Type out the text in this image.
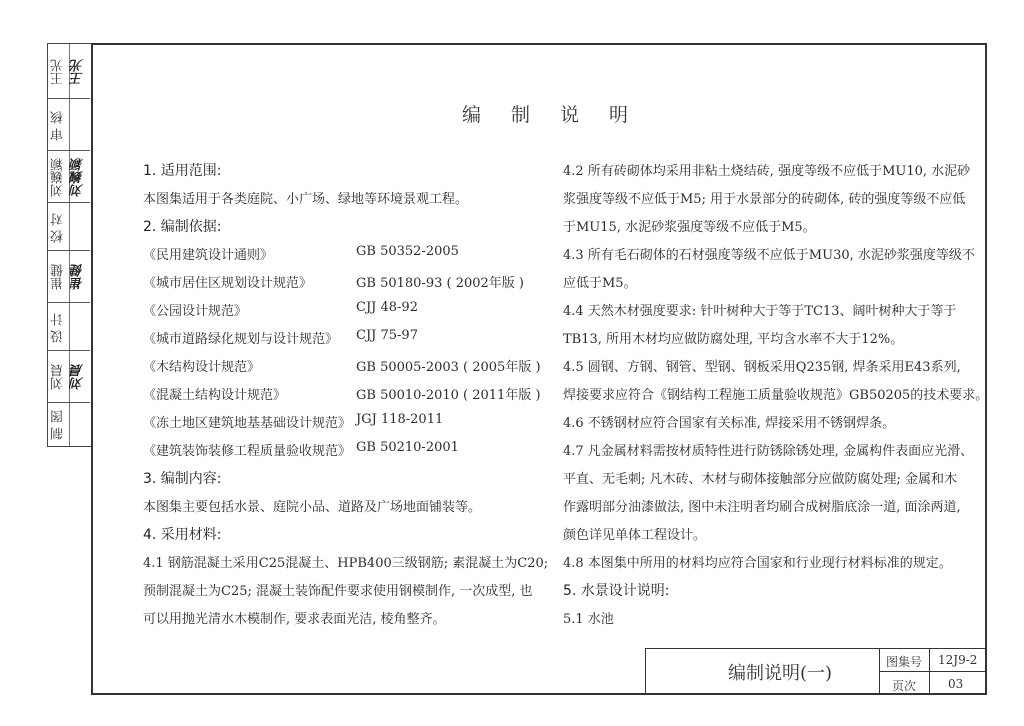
王光 王光
审 核
刘巍颖 刘巍颖
校 对
崔健 崔健
设 计
刘晨 刘晨
制 图
编制说明
1. 适用范围:
本图集适用于各类庭院、小广场、绿地等环境景观工程。
2. 编制依据:
《民用建筑设计通则》	GB 50352-2005
《城市居住区规划设计规范》	GB 50180-93 ( 2002年版 )
《公园设计规范》	CJJ 48-92
《城市道路绿化规划与设计规范》 CJJ 75-97
《木结构设计规范》	GB 50005-2003 ( 2005年版 )
《混凝土结构设计规范》	GB 50010-2010 ( 2011年版 )
《冻土地区建筑地基基础设计规范》 JGJ 118-2011
《建筑装饰装修工程质量验收规范》 GB 50210-2001
3. 编制内容:
本图集主要包括水景、庭院小品、道路及广场地面铺装等。
4. 采用材料:
4.1 钢筋混凝土采用C25混凝土、HPB400三级钢筋; 素混凝土为C20;
预制混凝土为C25; 混凝土装饰配件要求使用钢模制作, 一次成型, 也
可以用抛光清水木模制作, 要求表面光洁, 棱角整齐。
4.2 所有砖砌体均采用非粘土烧结砖, 强度等级不应低于MU10, 水泥砂
浆强度等级不应低于M5; 用于水景部分的砖砌体, 砖的强度等级不应低
于MU15, 水泥砂浆强度等级不应低于M5。
4.3 所有毛石砌体的石材强度等级不应低于MU30, 水泥砂浆强度等级不
应低于M5。
4.4 天然木材强度要求: 针叶树种大于等于TC13、阔叶树种大于等于
TB13, 所用木材均应做防腐处理, 平均含水率不大于12%。
4.5 圆钢、方钢、钢管、型钢、钢板采用Q235钢, 焊条采用E43系列,
焊接要求应符合《钢结构工程施工质量验收规范》GB50205的技术要求。
4.6 不锈钢材应符合国家有关标准, 焊接采用不锈钢焊条。
4.7 凡金属材料需按材质特性进行防锈除锈处理, 金属构件表面应光滑、
平直、无毛刺; 凡木砖、木材与砌体接触部分应做防腐处理; 金属和木
作露明部分油漆做法, 图中未注明者均刷合成树脂底涂一道, 面涂两道,
颜色详见单体工程设计。
4.8 本图集中所用的材料均应符合国家和行业现行材料标准的规定。
5. 水景设计说明:
5.1 水池
编制说明(一)
图集号 12J9-2
页次	03
